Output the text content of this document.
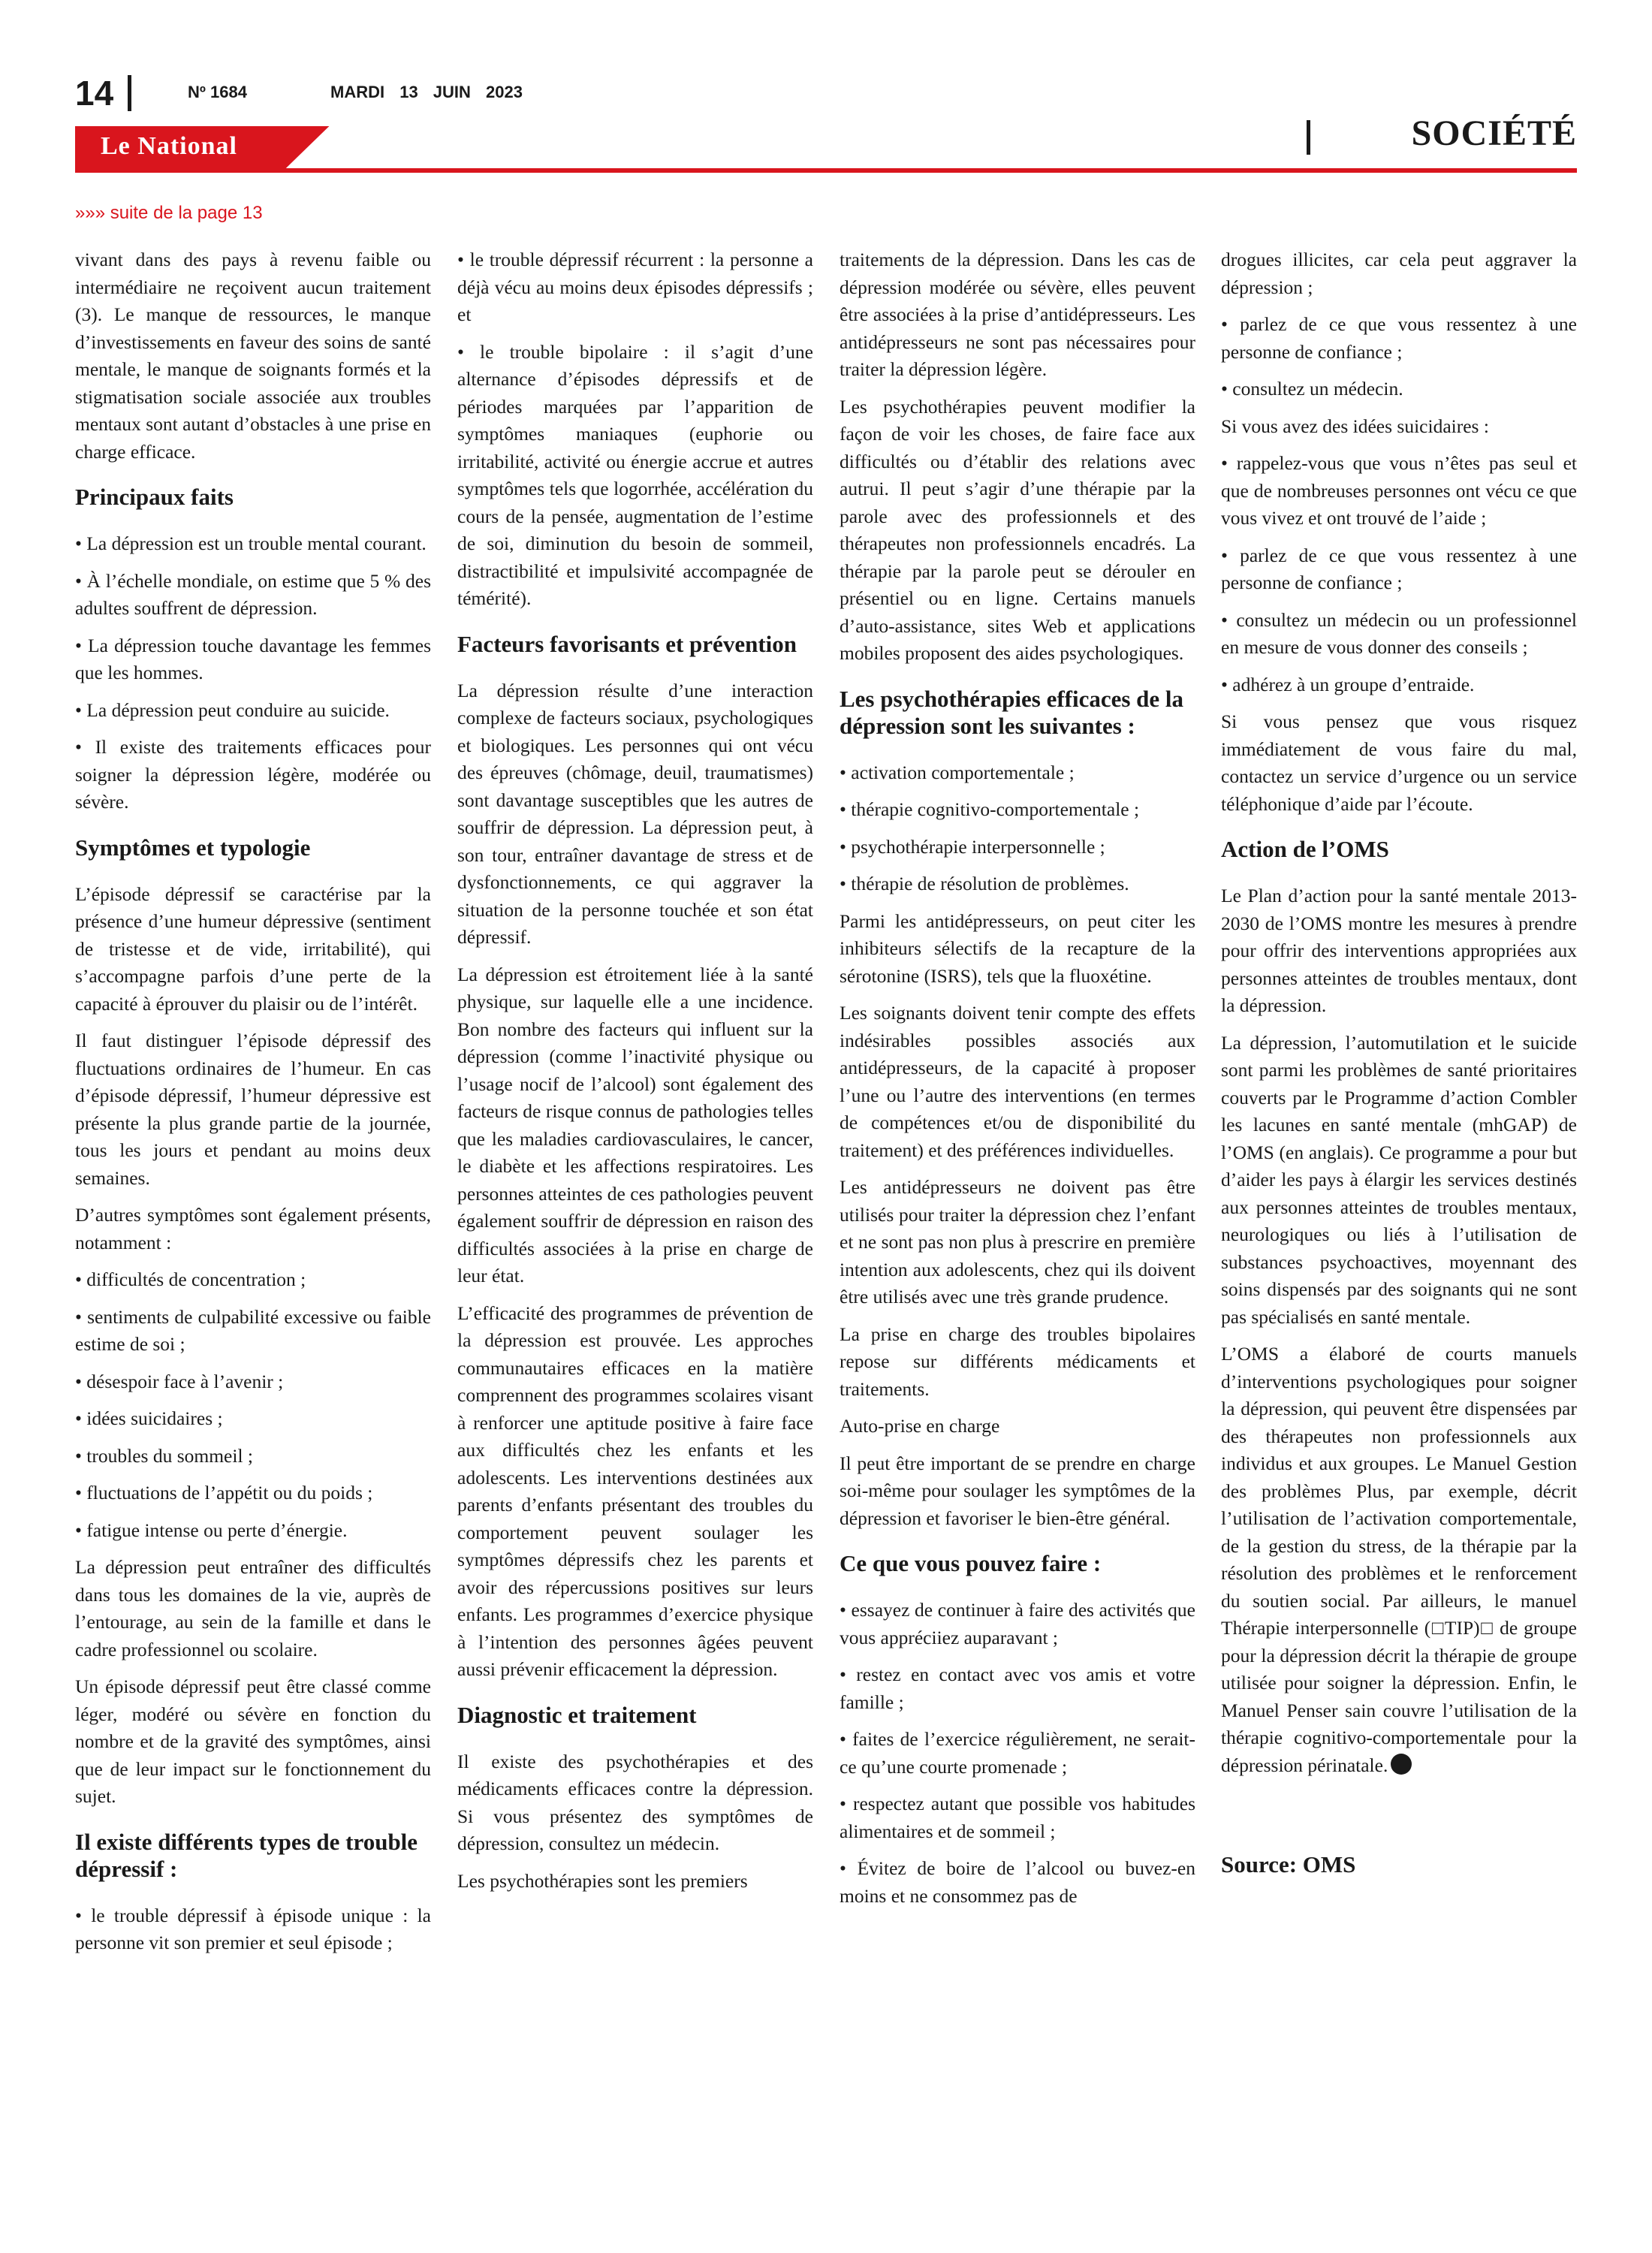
14	Nº 1684	MARDI 13 JUIN 2023
Le National	SOCIÉTÉ
»»» suite de la page 13

vivant dans des pays à revenu faible ou intermédiaire ne reçoivent aucun traitement (3). Le manque de ressources, le manque d’investissements en faveur des soins de santé mentale, le manque de soignants formés et la stigmatisation sociale associée aux troubles mentaux sont autant d’obstacles à une prise en charge efficace.

Principaux faits

• La dépression est un trouble mental courant.

• À l’échelle mondiale, on estime que 5 % des adultes souffrent de dépression.

• La dépression touche davantage les femmes que les hommes.

• La dépression peut conduire au suicide.

• Il existe des traitements efficaces pour soigner la dépression légère, modérée ou sévère.

Symptômes et typologie

L’épisode dépressif se caractérise par la présence d’une humeur dépressive (sentiment de tristesse et de vide, irritabilité), qui s’accompagne parfois d’une perte de la capacité à éprouver du plaisir ou de l’intérêt.

Il faut distinguer l’épisode dépressif des fluctuations ordinaires de l’humeur. En cas d’épisode dépressif, l’humeur dépressive est présente la plus grande partie de la journée, tous les jours et pendant au moins deux semaines.

D’autres symptômes sont également présents, notamment :

• difficultés de concentration ;

• sentiments de culpabilité excessive ou faible estime de soi ;

• désespoir face à l’avenir ;

• idées suicidaires ;

• troubles du sommeil ;

• fluctuations de l’appétit ou du poids ;

• fatigue intense ou perte d’énergie.

La dépression peut entraîner des difficultés dans tous les domaines de la vie, auprès de l’entourage, au sein de la famille et dans le cadre professionnel ou scolaire.

Un épisode dépressif peut être classé comme léger, modéré ou sévère en fonction du nombre et de la gravité des symptômes, ainsi que de leur impact sur le fonctionnement du sujet.

Il existe différents types de trouble dépressif :

• le trouble dépressif à épisode unique : la personne vit son premier et seul épisode ;

• le trouble dépressif récurrent : la personne a déjà vécu au moins deux épisodes dépressifs ; et

• le trouble bipolaire : il s’agit d’une alternance d’épisodes dépressifs et de périodes marquées par l’apparition de symptômes maniaques (euphorie ou irritabilité, activité ou énergie accrue et autres symptômes tels que logorrhée, accélération du cours de la pensée, augmentation de l’estime de soi, diminution du besoin de sommeil, distractibilité et impulsivité accompagnée de témérité).

Facteurs favorisants et prévention

La dépression résulte d’une interaction complexe de facteurs sociaux, psychologiques et biologiques. Les personnes qui ont vécu des épreuves (chômage, deuil, traumatismes) sont davantage susceptibles que les autres de souffrir de dépression. La dépression peut, à son tour, entraîner davantage de stress et de dysfonctionnements, ce qui aggraver la situation de la personne touchée et son état dépressif.

La dépression est étroitement liée à la santé physique, sur laquelle elle a une incidence. Bon nombre des facteurs qui influent sur la dépression (comme l’inactivité physique ou l’usage nocif de l’alcool) sont également des facteurs de risque connus de pathologies telles que les maladies cardiovasculaires, le cancer, le diabète et les affections respiratoires. Les personnes atteintes de ces pathologies peuvent également souffrir de dépression en raison des difficultés associées à la prise en charge de leur état.

L’efficacité des programmes de prévention de la dépression est prouvée. Les approches communautaires efficaces en la matière comprennent des programmes scolaires visant à renforcer une aptitude positive à faire face aux difficultés chez les enfants et les adolescents. Les interventions destinées aux parents d’enfants présentant des troubles du comportement peuvent soulager les symptômes dépressifs chez les parents et avoir des répercussions positives sur leurs enfants. Les programmes d’exercice physique à l’intention des personnes âgées peuvent aussi prévenir efficacement la dépression.

Diagnostic et traitement

Il existe des psychothérapies et des médicaments efficaces contre la dépression. Si vous présentez des symptômes de dépression, consultez un médecin.

Les psychothérapies sont les premiers

traitements de la dépression. Dans les cas de dépression modérée ou sévère, elles peuvent être associées à la prise d’antidépresseurs. Les antidépresseurs ne sont pas nécessaires pour traiter la dépression légère.

Les psychothérapies peuvent modifier la façon de voir les choses, de faire face aux difficultés ou d’établir des relations avec autrui. Il peut s’agir d’une thérapie par la parole avec des professionnels et des thérapeutes non professionnels encadrés. La thérapie par la parole peut se dérouler en présentiel ou en ligne. Certains manuels d’auto-assistance, sites Web et applications mobiles proposent des aides psychologiques.

Les psychothérapies efficaces de la dépression sont les suivantes :

• activation comportementale ;

• thérapie cognitivo-comportementale ;

• psychothérapie interpersonnelle ;

• thérapie de résolution de problèmes.

Parmi les antidépresseurs, on peut citer les inhibiteurs sélectifs de la recapture de la sérotonine (ISRS), tels que la fluoxétine.

Les soignants doivent tenir compte des effets indésirables possibles associés aux antidépresseurs, de la capacité à proposer l’une ou l’autre des interventions (en termes de compétences et/ou de disponibilité du traitement) et des préférences individuelles.

Les antidépresseurs ne doivent pas être utilisés pour traiter la dépression chez l’enfant et ne sont pas non plus à prescrire en première intention aux adolescents, chez qui ils doivent être utilisés avec une très grande prudence.

La prise en charge des troubles bipolaires repose sur différents médicaments et traitements.

Auto-prise en charge

Il peut être important de se prendre en charge soi-même pour soulager les symptômes de la dépression et favoriser le bien-être général.

Ce que vous pouvez faire :

• essayez de continuer à faire des activités que vous appréciiez auparavant ;

• restez en contact avec vos amis et votre famille ;

• faites de l’exercice régulièrement, ne serait-ce qu’une courte promenade ;

• respectez autant que possible vos habitudes alimentaires et de sommeil ;

• Évitez de boire de l’alcool ou buvez-en moins et ne consommez pas de

drogues illicites, car cela peut aggraver la dépression ;

• parlez de ce que vous ressentez à une personne de confiance ;

• consultez un médecin.

Si vous avez des idées suicidaires :

• rappelez-vous que vous n’êtes pas seul et que de nombreuses personnes ont vécu ce que vous vivez et ont trouvé de l’aide ;

• parlez de ce que vous ressentez à une personne de confiance ;

• consultez un médecin ou un professionnel en mesure de vous donner des conseils ;

• adhérez à un groupe d’entraide.

Si vous pensez que vous risquez immédiatement de vous faire du mal, contactez un service d’urgence ou un service téléphonique d’aide par l’écoute.

Action de l’OMS

Le Plan d’action pour la santé mentale 2013-2030 de l’OMS montre les mesures à prendre pour offrir des interventions appropriées aux personnes atteintes de troubles mentaux, dont la dépression.

La dépression, l’automutilation et le suicide sont parmi les problèmes de santé prioritaires couverts par le Programme d’action Combler les lacunes en santé mentale (mhGAP) de l’OMS (en anglais). Ce programme a pour but d’aider les pays à élargir les services destinés aux personnes atteintes de troubles mentaux, neurologiques ou liés à l’utilisation de substances psychoactives, moyennant des soins dispensés par des soignants qui ne sont pas spécialisés en santé mentale.

L’OMS a élaboré de courts manuels d’interventions psychologiques pour soigner la dépression, qui peuvent être dispensées par des thérapeutes non professionnels aux individus et aux groupes. Le Manuel Gestion des problèmes Plus, par exemple, décrit l’utilisation de l’activation comportementale, de la gestion du stress, de la thérapie par la résolution des problèmes et le renforcement du soutien social. Par ailleurs, le manuel Thérapie interpersonnelle (□TIP)□ de groupe pour la dépression décrit la thérapie de groupe utilisée pour soigner la dépression. Enfin, le Manuel Penser sain couvre l’utilisation de la thérapie cognitivo-comportementale pour la dépression périnatale.

Source: OMS
